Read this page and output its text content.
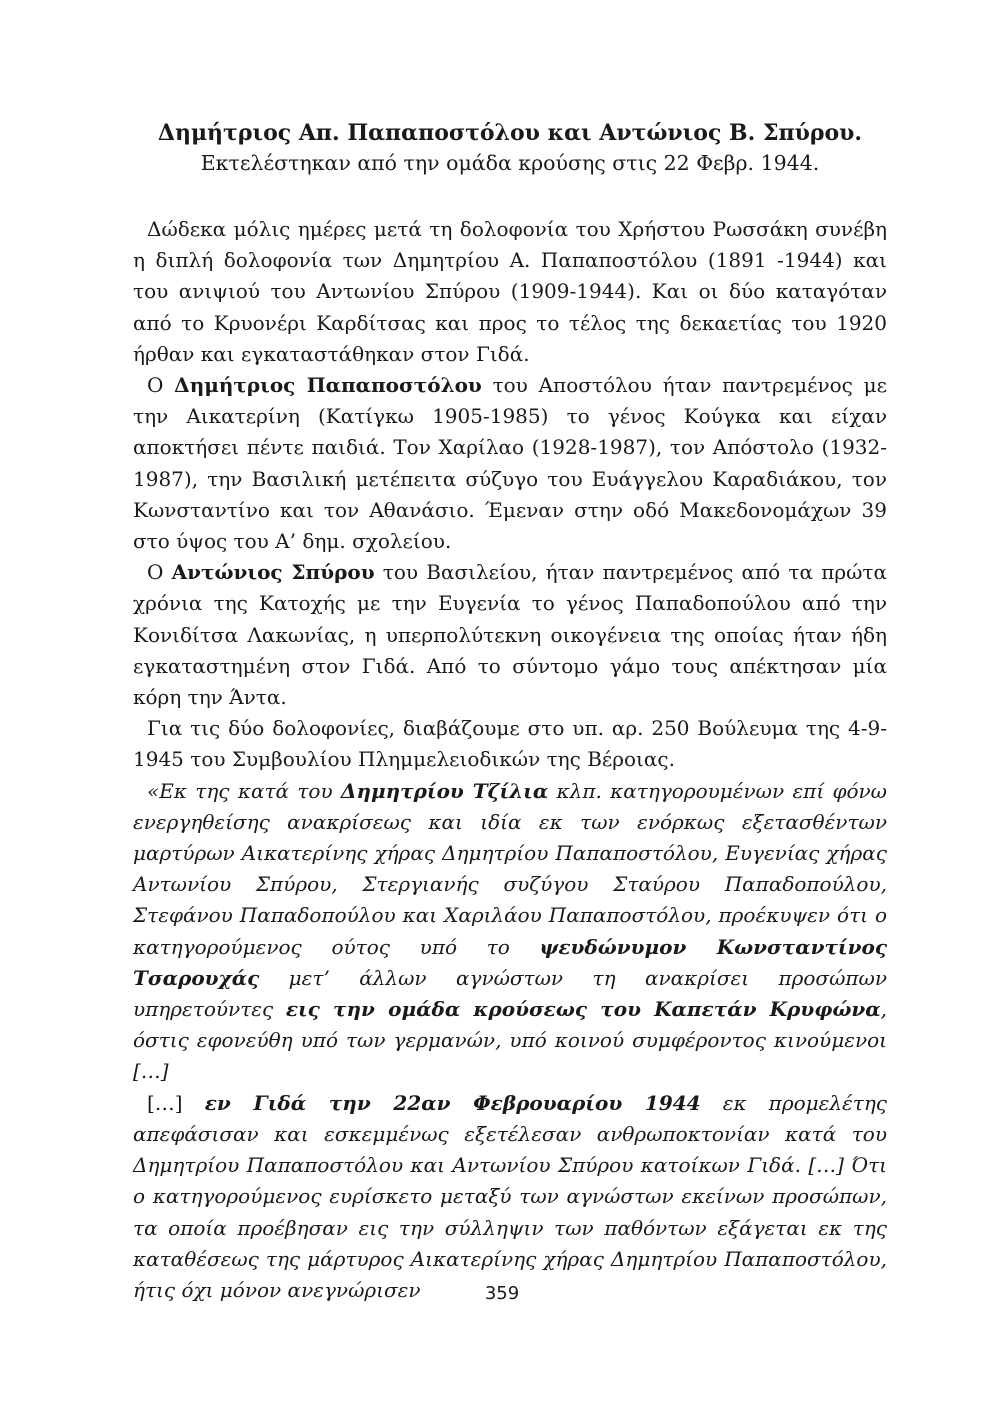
Δημήτριος Απ. Παπαποστόλου και Αντώνιος Β. Σπύρου.
Εκτελέστηκαν από την ομάδα κρούσης στις 22 Φεβρ. 1944.

Δώδεκα μόλις ημέρες μετά τη δολοφονία του Χρήστου Ρωσσάκη συνέβη η διπλή δολοφονία των Δημητρίου Α. Παπαποστόλου (1891 -1944) και του ανιψιού του Αντωνίου Σπύρου (1909-1944). Και οι δύο καταγόταν από το Κρυονέρι Καρδίτσας και προς το τέλος της δεκαετίας του 1920 ήρθαν και εγκαταστάθηκαν στον Γιδά.

Ο Δημήτριος Παπαποστόλου του Αποστόλου ήταν παντρεμένος με την Αικατερίνη (Κατίγκω 1905-1985) το γένος Κούγκα και είχαν αποκτήσει πέντε παιδιά. Τον Χαρίλαο (1928-1987), τον Απόστολο (1932-1987), την Βασιλική μετέπειτα σύζυγο του Ευάγγελου Καραδιάκου, τον Κωνσταντίνο και τον Αθανάσιο. Έμεναν στην οδό Μακεδονομάχων 39 στο ύψος του Α’ δημ. σχολείου.

Ο Αντώνιος Σπύρου του Βασιλείου, ήταν παντρεμένος από τα πρώτα χρόνια της Κατοχής με την Ευγενία το γένος Παπαδοπούλου από την Κονιδίτσα Λακωνίας, η υπερπολύτεκνη οικογένεια της οποίας ήταν ήδη εγκαταστημένη στον Γιδά. Από το σύντομο γάμο τους απέκτησαν μία κόρη την Άντα.

Για τις δύο δολοφονίες, διαβάζουμε στο υπ. αρ. 250 Βούλευμα της 4-9-1945 του Συμβουλίου Πλημμελειοδικών της Βέροιας.

«Εκ της κατά του Δημητρίου Τζίλια κλπ. κατηγορουμένων επί φόνω ενεργηθείσης ανακρίσεως και ιδία εκ των ενόρκως εξετασθέντων μαρτύρων Αικατερίνης χήρας Δημητρίου Παπαποστόλου, Ευγενίας χήρας Αντωνίου Σπύρου, Στεργιανής συζύγου Σταύρου Παπαδοπούλου, Στεφάνου Παπαδοπούλου και Χαριλάου Παπαποστόλου, προέκυψεν ότι ο κατηγορούμενος ούτος υπό το ψευδώνυμον Κωνσταντίνος Τσαρουχάς μετ’ άλλων αγνώστων τη ανακρίσει προσώπων υπηρετούντες εις την ομάδα κρούσεως του Καπετάν Κρυφώνα, όστις εφονεύθη υπό των γερμανών, υπό κοινού συμφέροντος κινούμενοι […]

[…] εν Γιδά την 22αν Φεβρουαρίου 1944 εκ προμελέτης απεφάσισαν και εσκεμμένως εξετέλεσαν ανθρωποκτονίαν κατά του Δημητρίου Παπαποστόλου και Αντωνίου Σπύρου κατοίκων Γιδά. […] Ότι ο κατηγορούμενος ευρίσκετο μεταξύ των αγνώστων εκείνων προσώπων, τα οποία προέβησαν εις την σύλληψιν των παθόντων εξάγεται εκ της καταθέσεως της μάρτυρος Αικατερίνης χήρας Δημητρίου Παπαποστόλου, ήτις όχι μόνον ανεγνώρισεν	359
